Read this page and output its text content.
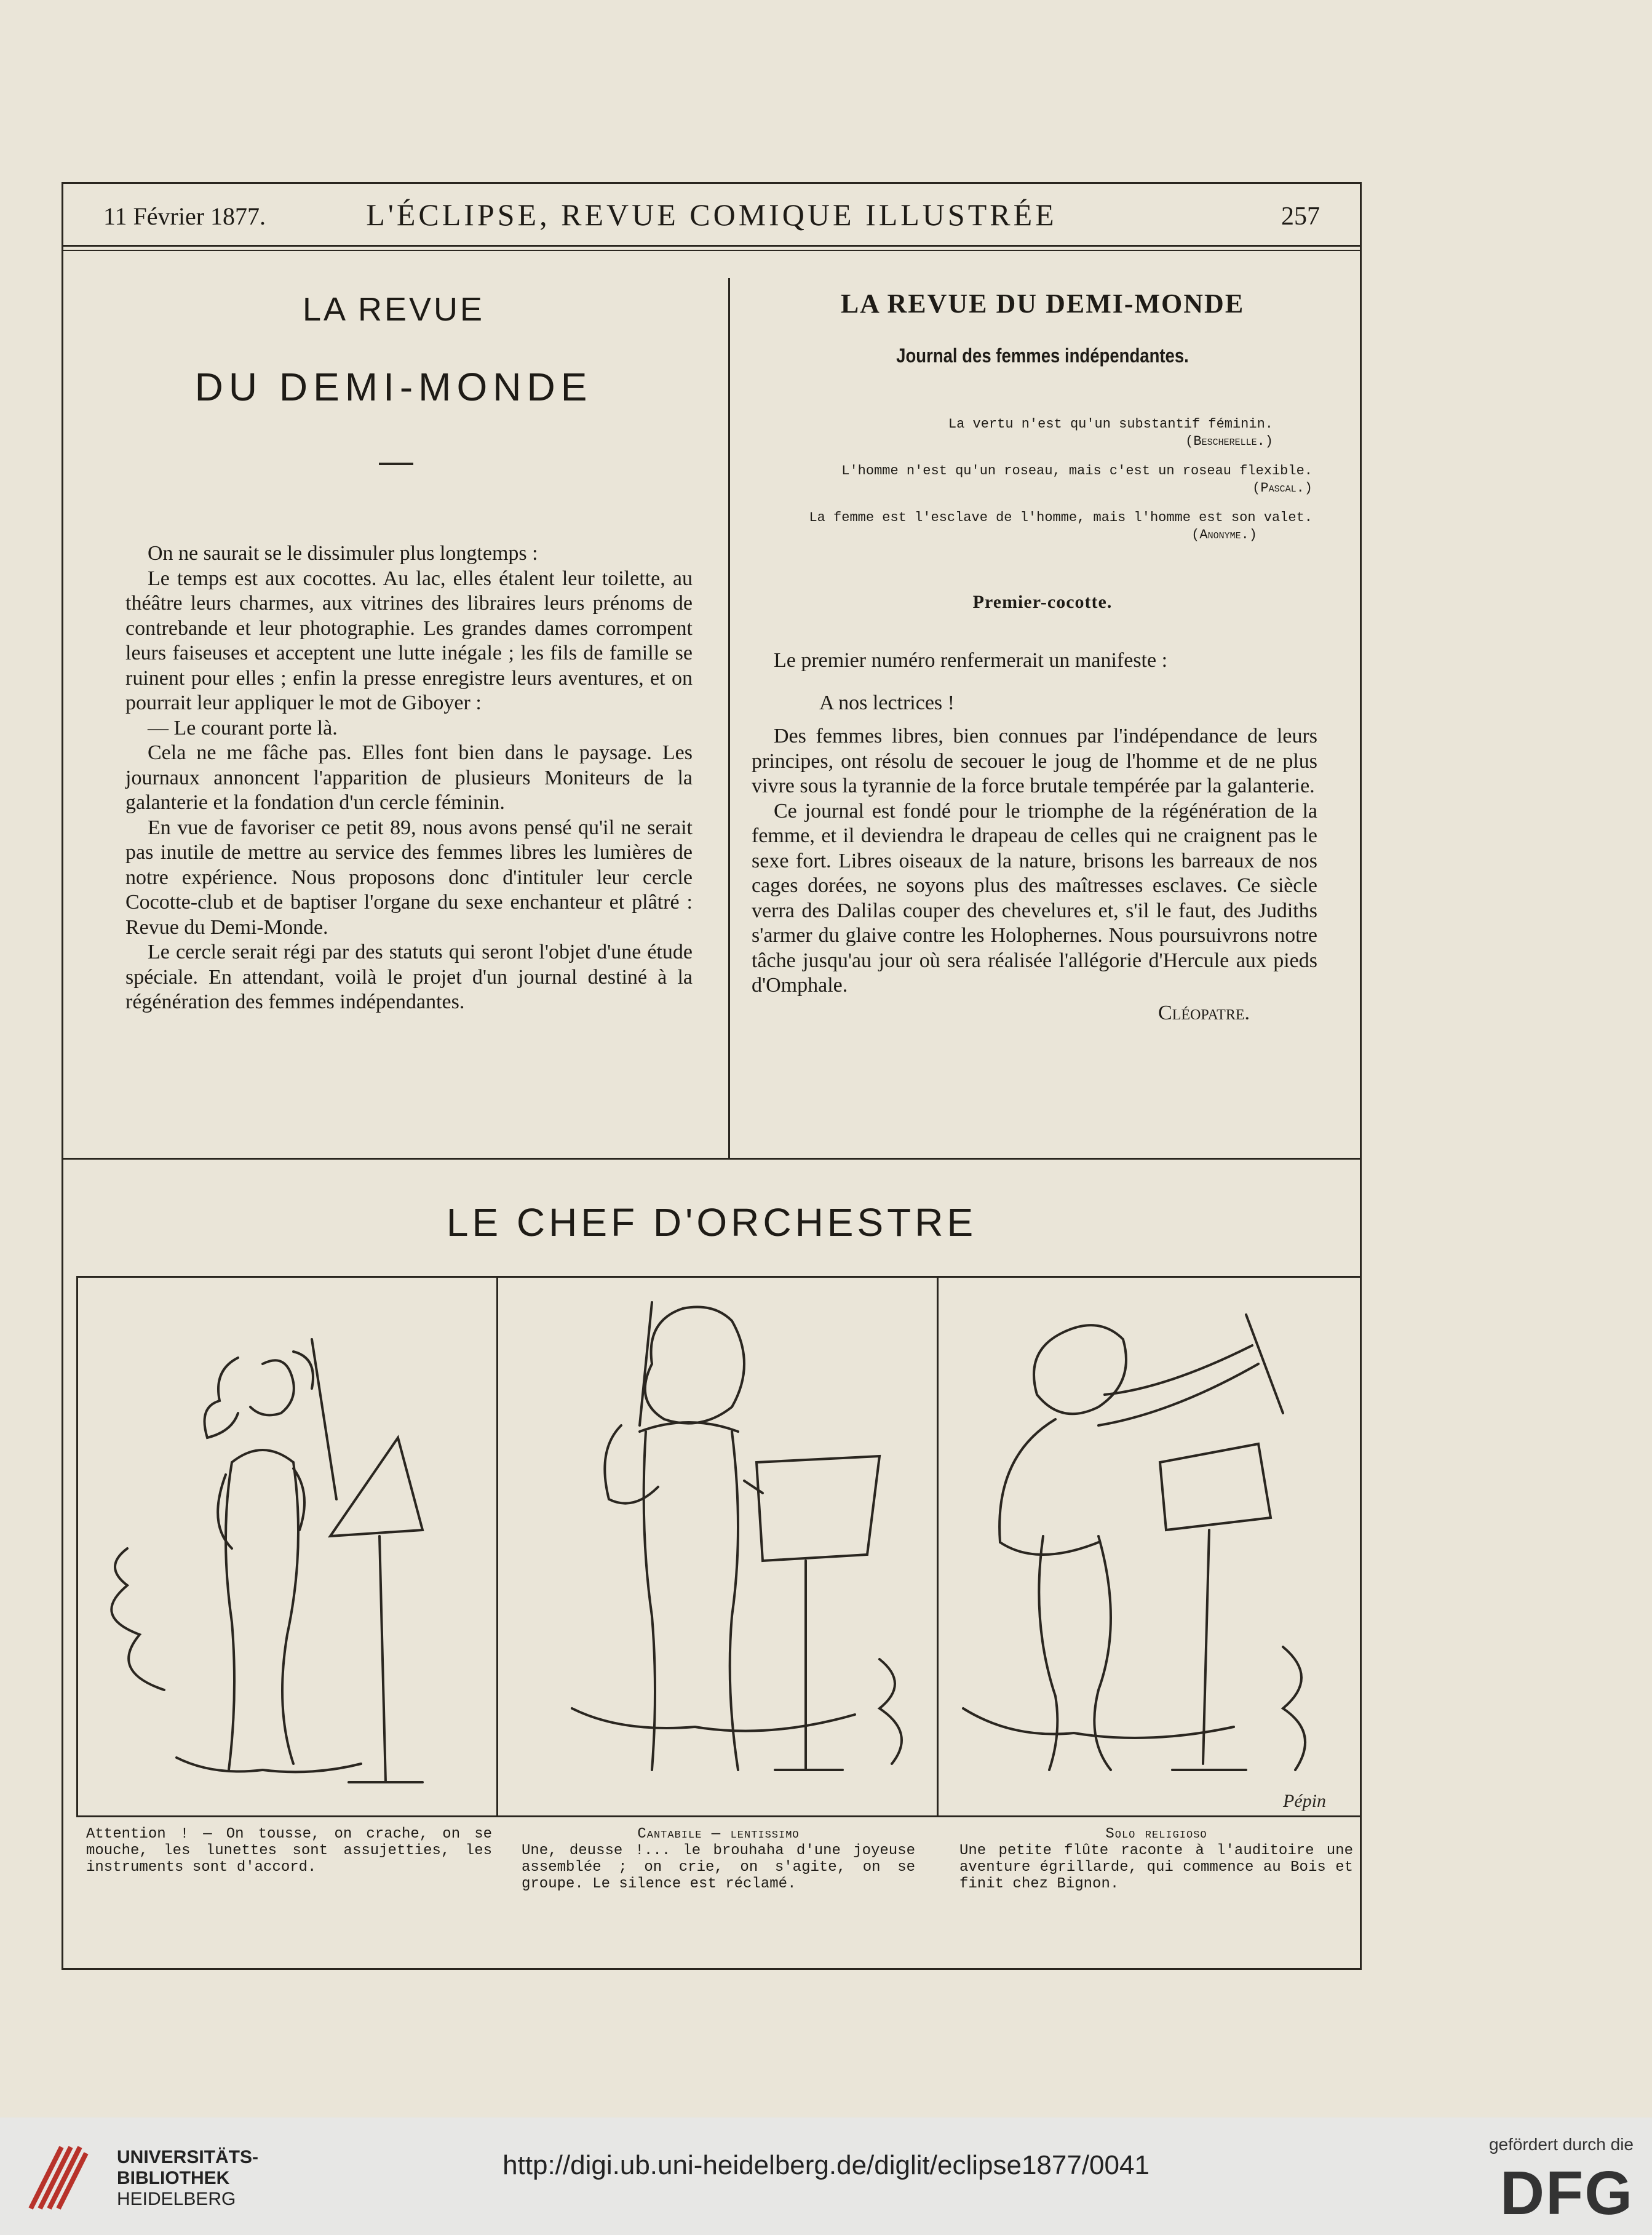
11 Février 1877.	L'ÉCLIPSE, REVUE COMIQUE ILLUSTRÉE	257
LA REVUE
DU DEMI-MONDE

On ne saurait se le dissimuler plus longtemps :

Le temps est aux cocottes. Au lac, elles étalent leur toilette, au théâtre leurs charmes, aux vitrines des libraires leurs prénoms de contrebande et leur photographie. Les grandes dames corrompent leurs faiseuses et acceptent une lutte inégale ; les fils de famille se ruinent pour elles ; enfin la presse enregistre leurs aventures, et on pourrait leur appliquer le mot de Giboyer :

— Le courant porte là.

Cela ne me fâche pas. Elles font bien dans le paysage. Les journaux annoncent l'apparition de plusieurs Moniteurs de la galanterie et la fondation d'un cercle féminin.

En vue de favoriser ce petit 89, nous avons pensé qu'il ne serait pas inutile de mettre au service des femmes libres les lumières de notre expérience. Nous proposons donc d'intituler leur cercle Cocotte-club et de baptiser l'organe du sexe enchanteur et plâtré : Revue du Demi-Monde.

Le cercle serait régi par des statuts qui seront l'objet d'une étude spéciale. En attendant, voilà le projet d'un journal destiné à la régénération des femmes indépendantes.

LA REVUE DU DEMI-MONDE
Journal des femmes indépendantes.
La vertu n'est qu'un substantif féminin.
(Bescherelle.)
L'homme n'est qu'un roseau, mais c'est un roseau flexible.
(Pascal.)
La femme est l'esclave de l'homme, mais l'homme est son valet.
(Anonyme.)
Premier-cocotte.

Le premier numéro renfermerait un manifeste :

A nos lectrices !

Des femmes libres, bien connues par l'indépendance de leurs principes, ont résolu de secouer le joug de l'homme et de ne plus vivre sous la tyrannie de la force brutale tempérée par la galanterie.

Ce journal est fondé pour le triomphe de la régénération de la femme, et il deviendra le drapeau de celles qui ne craignent pas le sexe fort. Libres oiseaux de la nature, brisons les barreaux de nos cages dorées, ne soyons plus des maîtresses esclaves. Ce siècle verra des Dalilas couper des chevelures et, s'il le faut, des Judiths s'armer du glaive contre les Holophernes. Nous poursuivrons notre tâche jusqu'au jour où sera réalisée l'allégorie d'Hercule aux pieds d'Omphale.

Cléopatre.

LE CHEF D'ORCHESTRE
Pépin
Attention ! — On tousse, on crache, on se mouche, les lunettes sont assujetties, les instruments sont d'accord.
Cantabile — lentissimo
Une, deusse !... le brouhaha d'une joyeuse assemblée ; on crie, on s'agite, on se groupe. Le silence est réclamé.
Solo religioso
Une petite flûte raconte à l'auditoire une aventure égrillarde, qui commence au Bois et finit chez Bignon.
UNIVERSITÄTS-
BIBLIOTHEK
HEIDELBERG
http://digi.ub.uni-heidelberg.de/diglit/eclipse1877/0041
gefördert durch die
DFG
